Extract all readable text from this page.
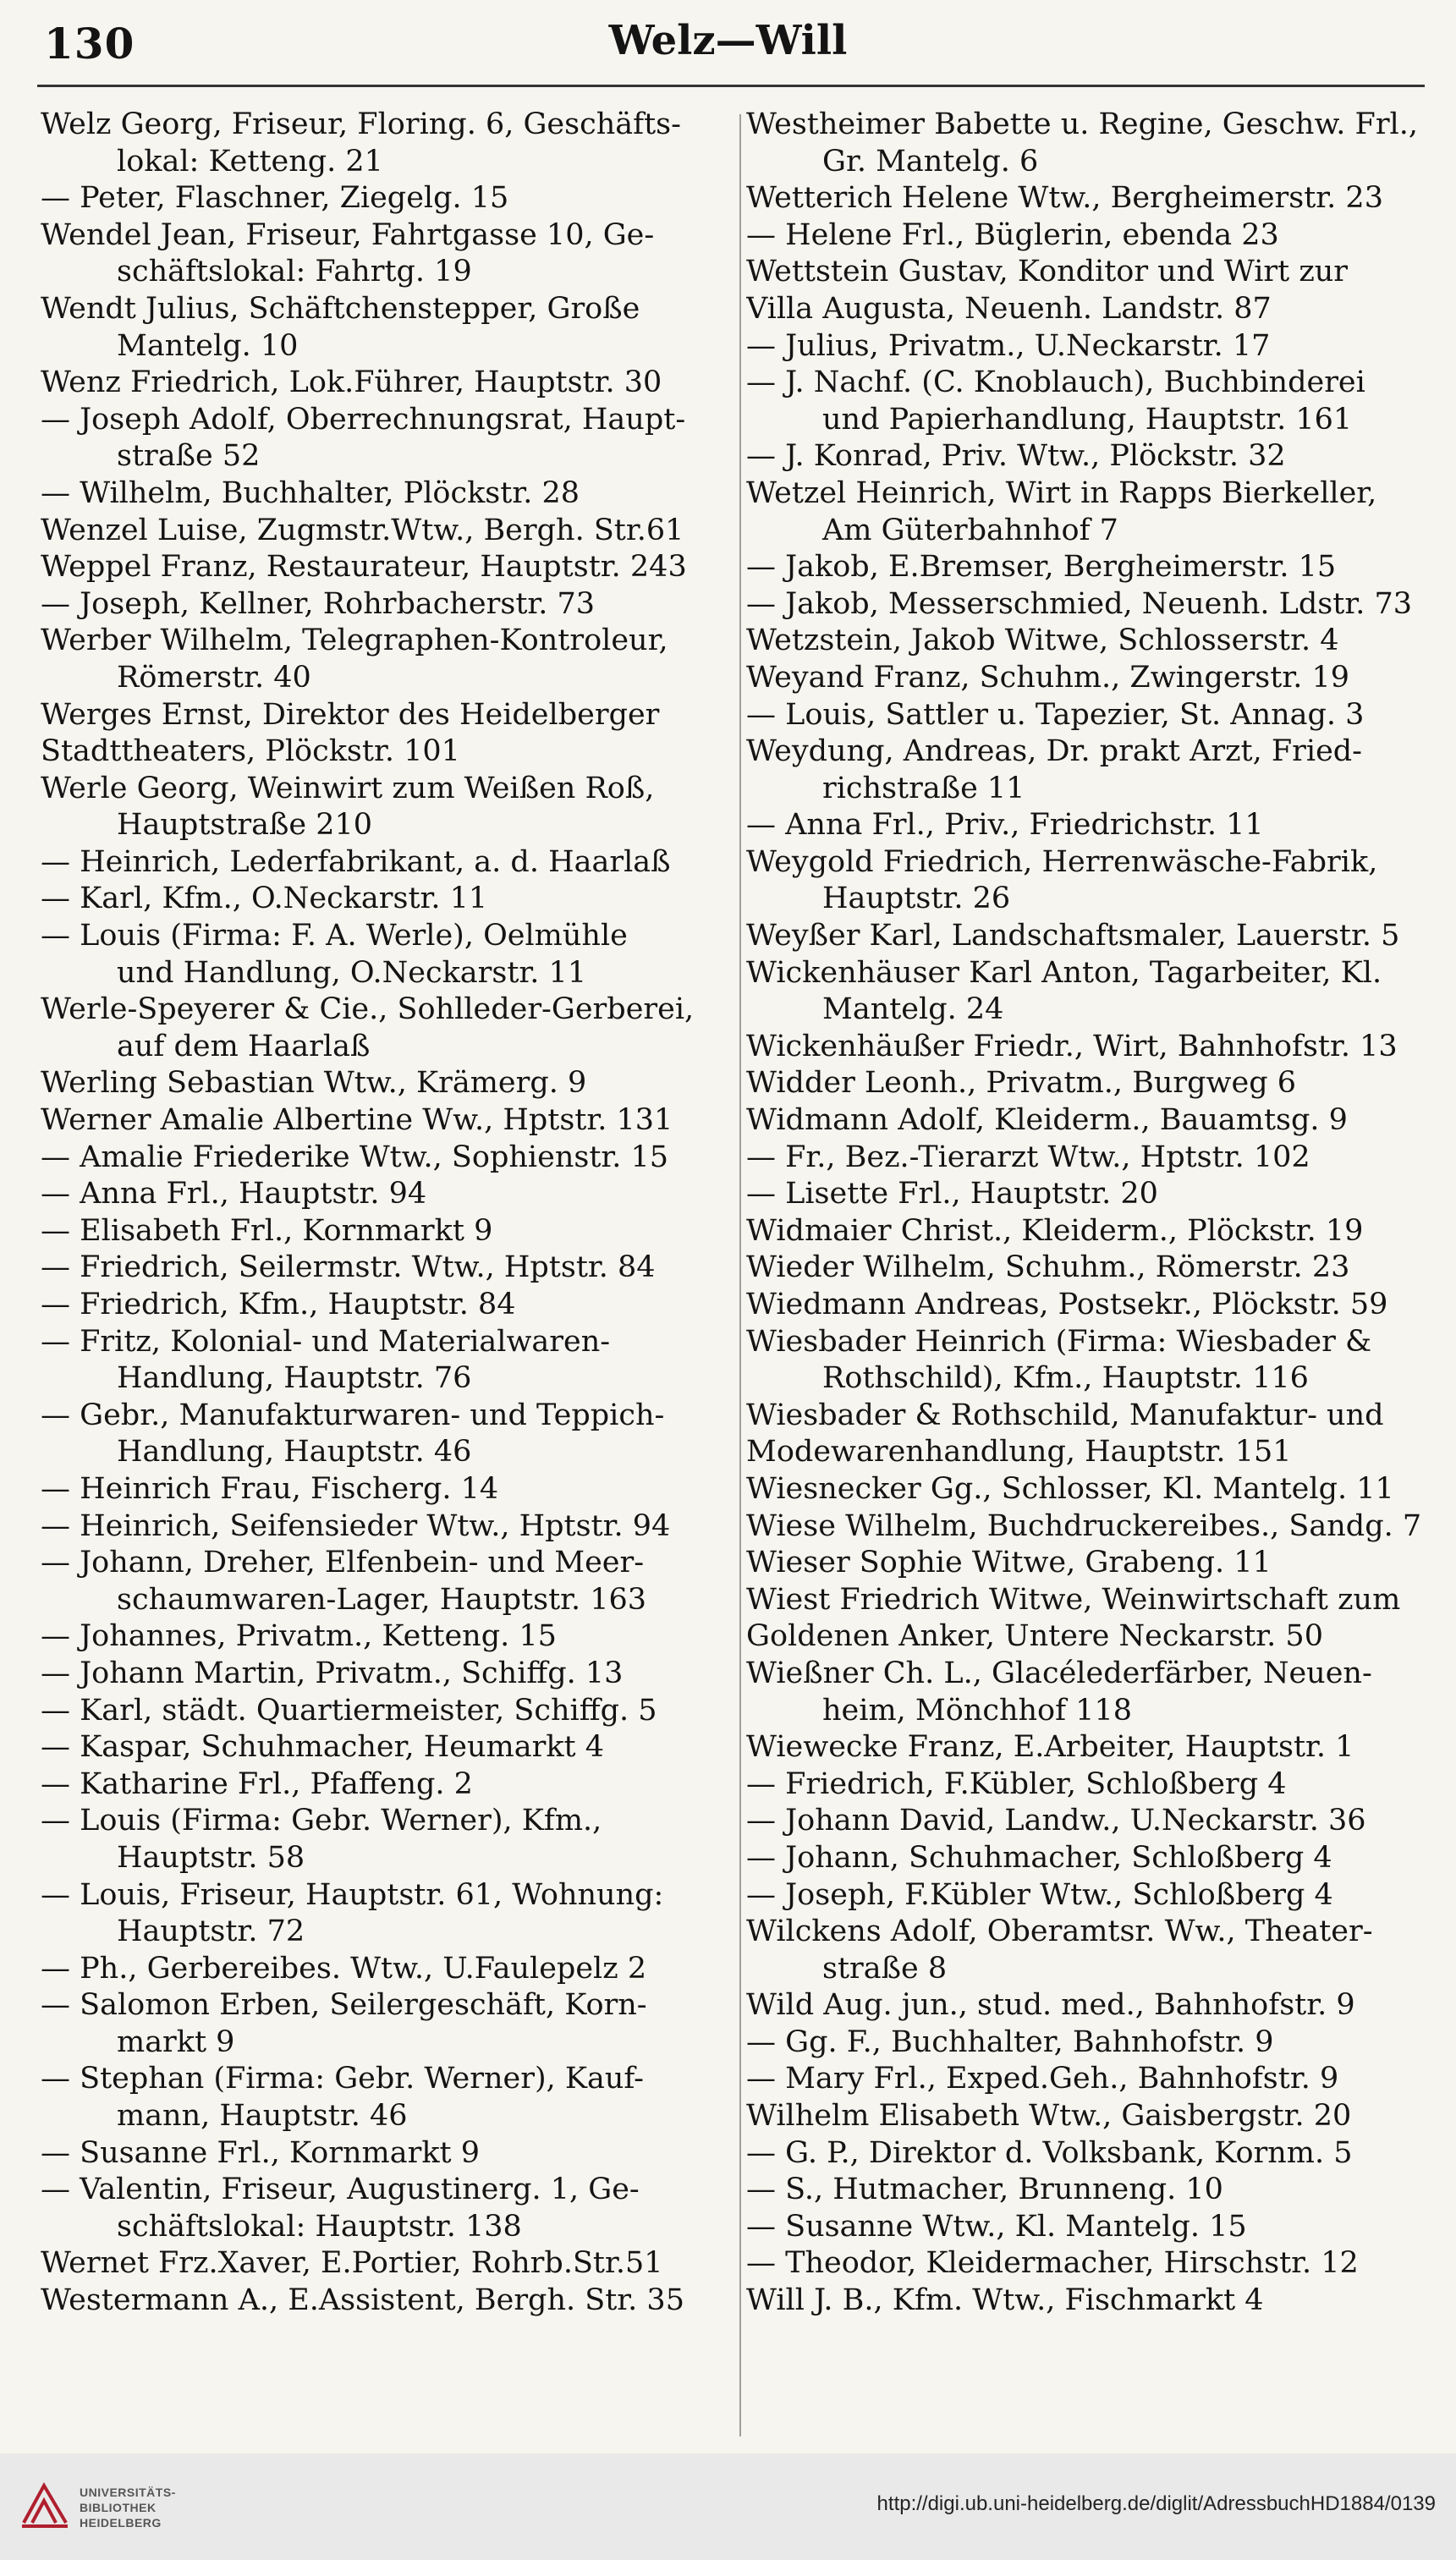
130	Welz—Will
Welz Georg, Friseur, Floring. 6, Geschäfts-
lokal: Ketteng. 21
— Peter, Flaschner, Ziegelg. 15
Wendel Jean, Friseur, Fahrtgasse 10, Ge-
schäftslokal: Fahrtg. 19
Wendt Julius, Schäftchenstepper, Große
Mantelg. 10
Wenz Friedrich, Lok.Führer, Hauptstr. 30
— Joseph Adolf, Oberrechnungsrat, Haupt-
straße 52
— Wilhelm, Buchhalter, Plöckstr. 28
Wenzel Luise, Zugmstr.Wtw., Bergh. Str.61
Weppel Franz, Restaurateur, Hauptstr. 243
— Joseph, Kellner, Rohrbacherstr. 73
Werber Wilhelm, Telegraphen-Kontroleur,
Römerstr. 40
Werges Ernst, Direktor des Heidelberger
Stadttheaters, Plöckstr. 101
Werle Georg, Weinwirt zum Weißen Roß,
Hauptstraße 210
— Heinrich, Lederfabrikant, a. d. Haarlaß
— Karl, Kfm., O.Neckarstr. 11
— Louis (Firma: F. A. Werle), Oelmühle
und Handlung, O.Neckarstr. 11
Werle-Speyerer & Cie., Sohlleder-Gerberei,
auf dem Haarlaß
Werling Sebastian Wtw., Krämerg. 9
Werner Amalie Albertine Ww., Hptstr. 131
— Amalie Friederike Wtw., Sophienstr. 15
— Anna Frl., Hauptstr. 94
— Elisabeth Frl., Kornmarkt 9
— Friedrich, Seilermstr. Wtw., Hptstr. 84
— Friedrich, Kfm., Hauptstr. 84
— Fritz, Kolonial- und Materialwaren-
Handlung, Hauptstr. 76
— Gebr., Manufakturwaren- und Teppich-
Handlung, Hauptstr. 46
— Heinrich Frau, Fischerg. 14
— Heinrich, Seifensieder Wtw., Hptstr. 94
— Johann, Dreher, Elfenbein- und Meer-
schaumwaren-Lager, Hauptstr. 163
— Johannes, Privatm., Ketteng. 15
— Johann Martin, Privatm., Schiffg. 13
— Karl, städt. Quartiermeister, Schiffg. 5
— Kaspar, Schuhmacher, Heumarkt 4
— Katharine Frl., Pfaffeng. 2
— Louis (Firma: Gebr. Werner), Kfm.,
Hauptstr. 58
— Louis, Friseur, Hauptstr. 61, Wohnung:
Hauptstr. 72
— Ph., Gerbereibes. Wtw., U.Faulepelz 2
— Salomon Erben, Seilergeschäft, Korn-
markt 9
— Stephan (Firma: Gebr. Werner), Kauf-
mann, Hauptstr. 46
— Susanne Frl., Kornmarkt 9
— Valentin, Friseur, Augustinerg. 1, Ge-
schäftslokal: Hauptstr. 138
Wernet Frz.Xaver, E.Portier, Rohrb.Str.51
Westermann A., E.Assistent, Bergh. Str. 35
Westheimer Babette u. Regine, Geschw. Frl.,
Gr. Mantelg. 6
Wetterich Helene Wtw., Bergheimerstr. 23
— Helene Frl., Büglerin, ebenda 23
Wettstein Gustav, Konditor und Wirt zur
Villa Augusta, Neuenh. Landstr. 87
— Julius, Privatm., U.Neckarstr. 17
— J. Nachf. (C. Knoblauch), Buchbinderei
und Papierhandlung, Hauptstr. 161
— J. Konrad, Priv. Wtw., Plöckstr. 32
Wetzel Heinrich, Wirt in Rapps Bierkeller,
Am Güterbahnhof 7
— Jakob, E.Bremser, Bergheimerstr. 15
— Jakob, Messerschmied, Neuenh. Ldstr. 73
Wetzstein, Jakob Witwe, Schlosserstr. 4
Weyand Franz, Schuhm., Zwingerstr. 19
— Louis, Sattler u. Tapezier, St. Annag. 3
Weydung, Andreas, Dr. prakt Arzt, Fried-
richstraße 11
— Anna Frl., Priv., Friedrichstr. 11
Weygold Friedrich, Herrenwäsche-Fabrik,
Hauptstr. 26
Weyßer Karl, Landschaftsmaler, Lauerstr. 5
Wickenhäuser Karl Anton, Tagarbeiter, Kl.
Mantelg. 24
Wickenhäußer Friedr., Wirt, Bahnhofstr. 13
Widder Leonh., Privatm., Burgweg 6
Widmann Adolf, Kleiderm., Bauamtsg. 9
— Fr., Bez.-Tierarzt Wtw., Hptstr. 102
— Lisette Frl., Hauptstr. 20
Widmaier Christ., Kleiderm., Plöckstr. 19
Wieder Wilhelm, Schuhm., Römerstr. 23
Wiedmann Andreas, Postsekr., Plöckstr. 59
Wiesbader Heinrich (Firma: Wiesbader &
Rothschild), Kfm., Hauptstr. 116
Wiesbader & Rothschild, Manufaktur- und
Modewarenhandlung, Hauptstr. 151
Wiesnecker Gg., Schlosser, Kl. Mantelg. 11
Wiese Wilhelm, Buchdruckereibes., Sandg. 7
Wieser Sophie Witwe, Grabeng. 11
Wiest Friedrich Witwe, Weinwirtschaft zum
Goldenen Anker, Untere Neckarstr. 50
Wießner Ch. L., Glacélederfärber, Neuen-
heim, Mönchhof 118
Wiewecke Franz, E.Arbeiter, Hauptstr. 1
— Friedrich, F.Kübler, Schloßberg 4
— Johann David, Landw., U.Neckarstr. 36
— Johann, Schuhmacher, Schloßberg 4
— Joseph, F.Kübler Wtw., Schloßberg 4
Wilckens Adolf, Oberamtsr. Ww., Theater-
straße 8
Wild Aug. jun., stud. med., Bahnhofstr. 9
— Gg. F., Buchhalter, Bahnhofstr. 9
— Mary Frl., Exped.Geh., Bahnhofstr. 9
Wilhelm Elisabeth Wtw., Gaisbergstr. 20
— G. P., Direktor d. Volksbank, Kornm. 5
— S., Hutmacher, Brunneng. 10
— Susanne Wtw., Kl. Mantelg. 15
— Theodor, Kleidermacher, Hirschstr. 12
Will J. B., Kfm. Wtw., Fischmarkt 4
UNIVERSITÄTS-
BIBLIOTHEK
HEIDELBERG
http://digi.ub.uni-heidelberg.de/diglit/AdressbuchHD1884/0139
